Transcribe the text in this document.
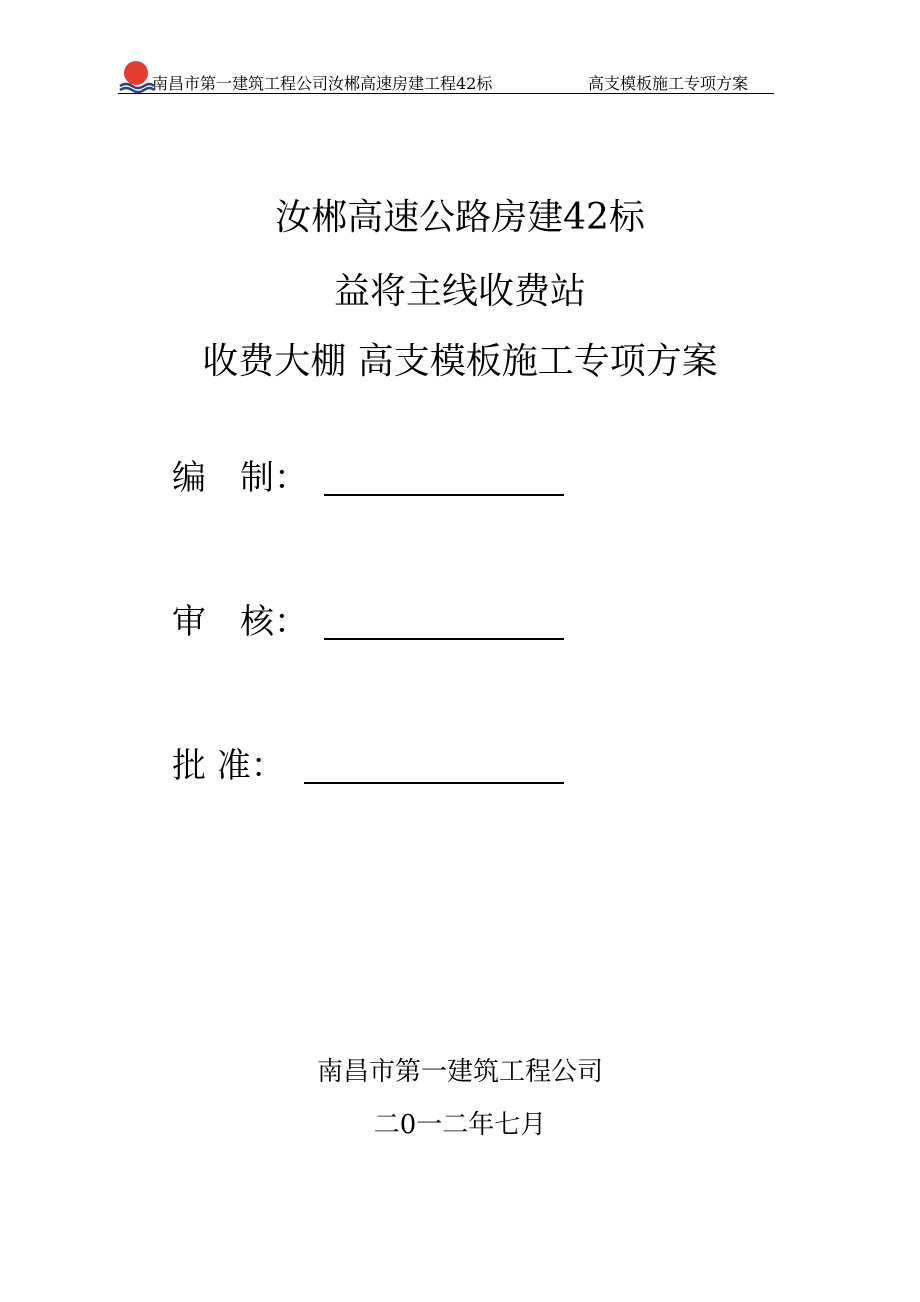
南昌市第一建筑工程公司汝郴高速房建工程42标	高支模板施工专项方案
汝郴高速公路房建42标
益将主线收费站
收费大棚 高支模板施工专项方案
编　制：
审　核：
批 准：
南昌市第一建筑工程公司
二0一二年七月
